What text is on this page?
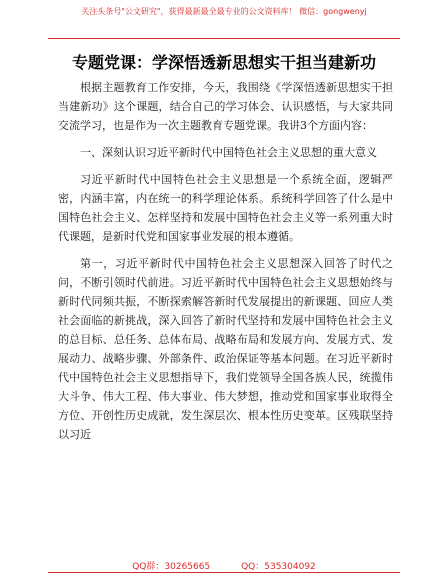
关注头条号"公文研究"，获得最新最全最专业的公文资料库！ 微信：gongwenyj
专题党课：学深悟透新思想实干担当建新功

根据主题教育工作安排，今天，我围绕《学深悟透新思想实干担当建新功》这个课题，结合自己的学习体会、认识感悟，与大家共同交流学习，也是作为一次主题教育专题党课。我讲3个方面内容：

一、深刻认识习近平新时代中国特色社会主义思想的重大意义

习近平新时代中国特色社会主义思想是一个系统全面，逻辑严密，内涵丰富，内在统一的科学理论体系。系统科学回答了什么是中国特色社会主义、怎样坚持和发展中国特色社会主义等一系列重大时代课题，是新时代党和国家事业发展的根本遵循。

第一，习近平新时代中国特色社会主义思想深入回答了时代之问，不断引领时代前进。习近平新时代中国特色社会主义思想始终与新时代同频共振，不断探索解答新时代发展提出的新课题、回应人类社会面临的新挑战，深入回答了新时代坚持和发展中国特色社会主义的总目标、总任务、总体布局、战略布局和发展方向、发展方式、发展动力、战略步骤、外部条件、政治保证等基本问题。在习近平新时代中国特色社会主义思想指导下，我们党领导全国各族人民，统揽伟大斗争、伟大工程、伟大事业、伟大梦想，推动党和国家事业取得全方位、开创性历史成就，发生深层次、根本性历史变革。区残联坚持以习近

QQ群：30265665	QQ：535304092
